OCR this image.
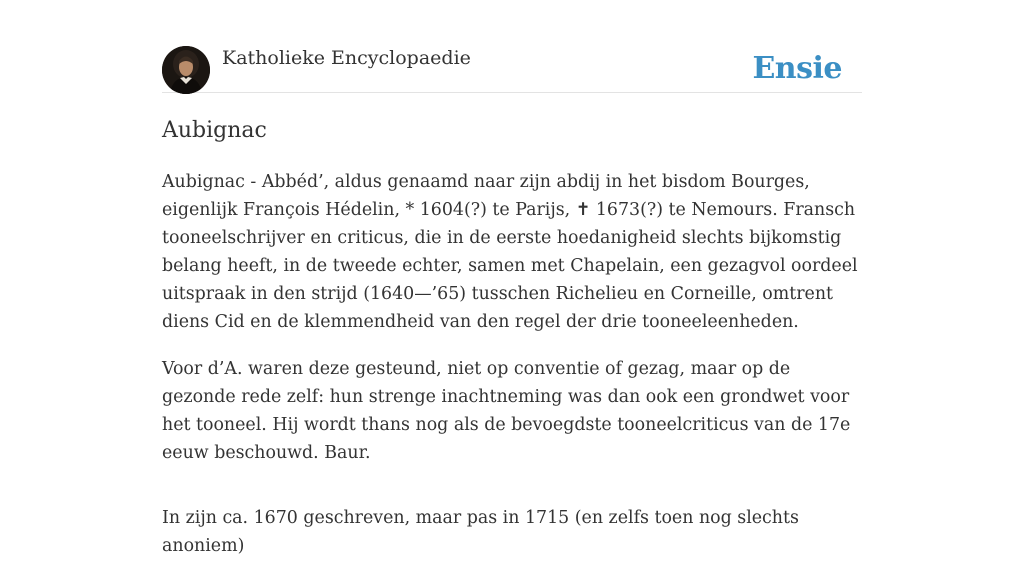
Katholieke Encyclopaedie	Ensie
Aubignac

Aubignac - Abbéd’, aldus genaamd naar zijn abdij in het bisdom Bourges, eigenlijk François Hédelin, * 1604(?) te Parijs, ✝ 1673(?) te Nemours. Fransch tooneelschrijver en criticus, die in de eerste hoedanigheid slechts bijkomstig belang heeft, in de tweede echter, samen met Chapelain, een gezagvol oordeel uitspraak in den strijd (1640—’65) tusschen Richelieu en Corneille, omtrent diens Cid en de klemmendheid van den regel der drie tooneeleenheden.

Voor d’A. waren deze gesteund, niet op conventie of gezag, maar op de gezonde rede zelf: hun strenge inachtneming was dan ook een grondwet voor het tooneel. Hij wordt thans nog als de bevoegdste tooneelcriticus van de 17e eeuw beschouwd. Baur.

In zijn ca. 1670 geschreven, maar pas in 1715 (en zelfs toen nog slechts anoniem)
